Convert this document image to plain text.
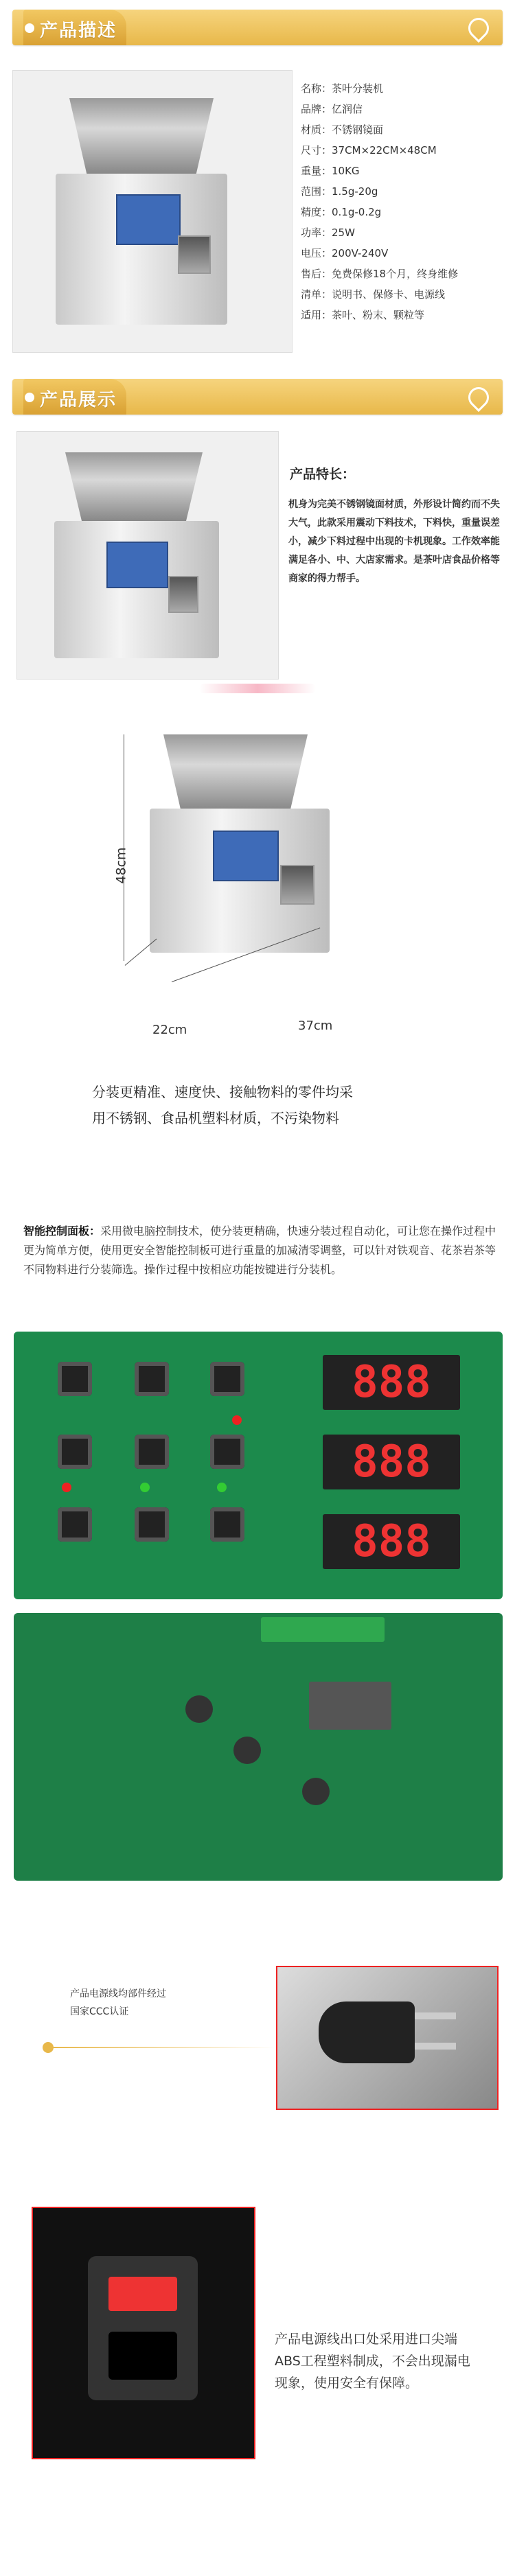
产品描述
名称：茶叶分装机
品牌：亿润信
材质：不锈钢镜面
尺寸：37CM×22CM×48CM
重量：10KG
范围：1.5g-20g
精度：0.1g-0.2g
功率：25W
电压：200V-240V
售后：免费保修18个月，终身维修
清单：说明书、保修卡、电源线
适用：茶叶、粉末、颗粒等
产品展示
产品特长：
机身为完美不锈钢镜面材质，外形设计简约而不失大气，此款采用震动下料技术，下料快，重量误差小，减少下料过程中出现的卡机现象。工作效率能满足各小、中、大店家需求。是茶叶店食品价格等商家的得力帮手。
48cm
22cm	37cm
分装更精准、速度快、接触物料的零件均采
用不锈钢、食品机塑料材质，不污染物料
智能控制面板：采用微电脑控制技术，使分装更精确，快速分装过程自动化，可让您在操作过程中更为简单方便，使用更安全智能控制板可进行重量的加减清零调整，可以针对铁观音、花茶岩茶等不同物料进行分装筛选。操作过程中按相应功能按键进行分装机。
888
888
888
产品电源线均部件经过
国家CCC认证
产品电源线出口处采用进口尖端ABS工程塑料制成，不会出现漏电现象，使用安全有保障。
